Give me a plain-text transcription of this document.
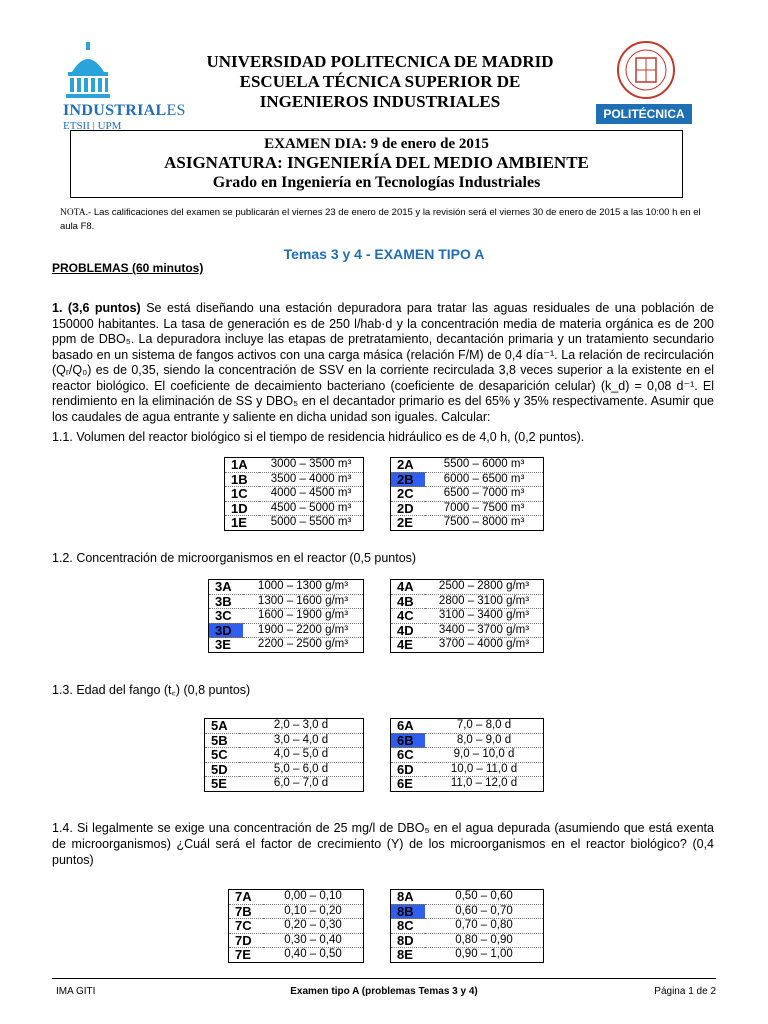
INDUSTRIALES
ETSII | UPM
UNIVERSIDAD POLITECNICA DE MADRID
ESCUELA TÉCNICA SUPERIOR DE
INGENIEROS INDUSTRIALES
POLITÉCNICA
EXAMEN DIA: 9 de enero de 2015
ASIGNATURA: INGENIERÍA DEL MEDIO AMBIENTE
Grado en Ingeniería en Tecnologías Industriales
NOTA.- Las calificaciones del examen se publicarán el viernes 23 de enero de 2015 y la revisión será el viernes 30 de enero de 2015 a las 10:00 h en el aula F8.
Temas 3 y 4 - EXAMEN TIPO A
PROBLEMAS (60 minutos)
1. (3,6 puntos) Se está diseñando una estación depuradora para tratar las aguas residuales de una población de 150000 habitantes. La tasa de generación es de 250 l/hab·d y la concentración media de materia orgánica es de 200 ppm de DBO₅. La depuradora incluye las etapas de pretratamiento, decantación primaria y un tratamiento secundario basado en un sistema de fangos activos con una carga másica (relación F/M) de 0,4 día⁻¹. La relación de recirculación (Qᵣ/Q₀) es de 0,35, siendo la concentración de SSV en la corriente recirculada 3,8 veces superior a la existente en el reactor biológico. El coeficiente de decaimiento bacteriano (coeficiente de desaparición celular) (k_d) = 0,08 d⁻¹. El rendimiento en la eliminación de SS y DBO₅ en el decantador primario es del 65% y 35% respectivamente. Asumir que los caudales de agua entrante y saliente en dicha unidad son iguales. Calcular:
1.1. Volumen del reactor biológico si el tiempo de residencia hidráulico es de 4,0 h, (0,2 puntos).
1.2. Concentración de microorganismos en el reactor (0,5 puntos)
1.3. Edad del fango (t꜀) (0,8 puntos)
1.4. Si legalmente se exige una concentración de 25 mg/l de DBO₅ en el agua depurada (asumiendo que está exenta de microorganismos) ¿Cuál será el factor de crecimiento (Y) de los microorganismos en el reactor biológico? (0,4 puntos)
1A	3000 – 3500 m³
1B	3500 – 4000 m³
1C	4000 – 4500 m³
1D	4500 – 5000 m³
1E	5000 – 5500 m³
2A	5500 – 6000 m³
2B	6000 – 6500 m³
2C	6500 – 7000 m³
2D	7000 – 7500 m³
2E	7500 – 8000 m³
3A	1000 – 1300 g/m³
3B	1300 – 1600 g/m³
3C	1600 – 1900 g/m³
3D	1900 – 2200 g/m³
3E	2200 – 2500 g/m³
4A	2500 – 2800 g/m³
4B	2800 – 3100 g/m³
4C	3100 – 3400 g/m³
4D	3400 – 3700 g/m³
4E	3700 – 4000 g/m³
5A	2,0 – 3,0 d
5B	3,0 – 4,0 d
5C	4,0 – 5,0 d
5D	5,0 – 6,0 d
5E	6,0 – 7,0 d
6A	7,0 – 8,0 d
6B	8,0 – 9,0 d
6C	9,0 – 10,0 d
6D	10,0 – 11,0 d
6E	11,0 – 12,0 d
7A	0,00 – 0,10
7B	0,10 – 0,20
7C	0,20 – 0,30
7D	0,30 – 0,40
7E	0,40 – 0,50
8A	0,50 – 0,60
8B	0,60 – 0,70
8C	0,70 – 0,80
8D	0,80 – 0,90
8E	0,90 – 1,00
IMA GITI	Examen tipo A (problemas Temas 3 y 4)	Página 1 de 2
